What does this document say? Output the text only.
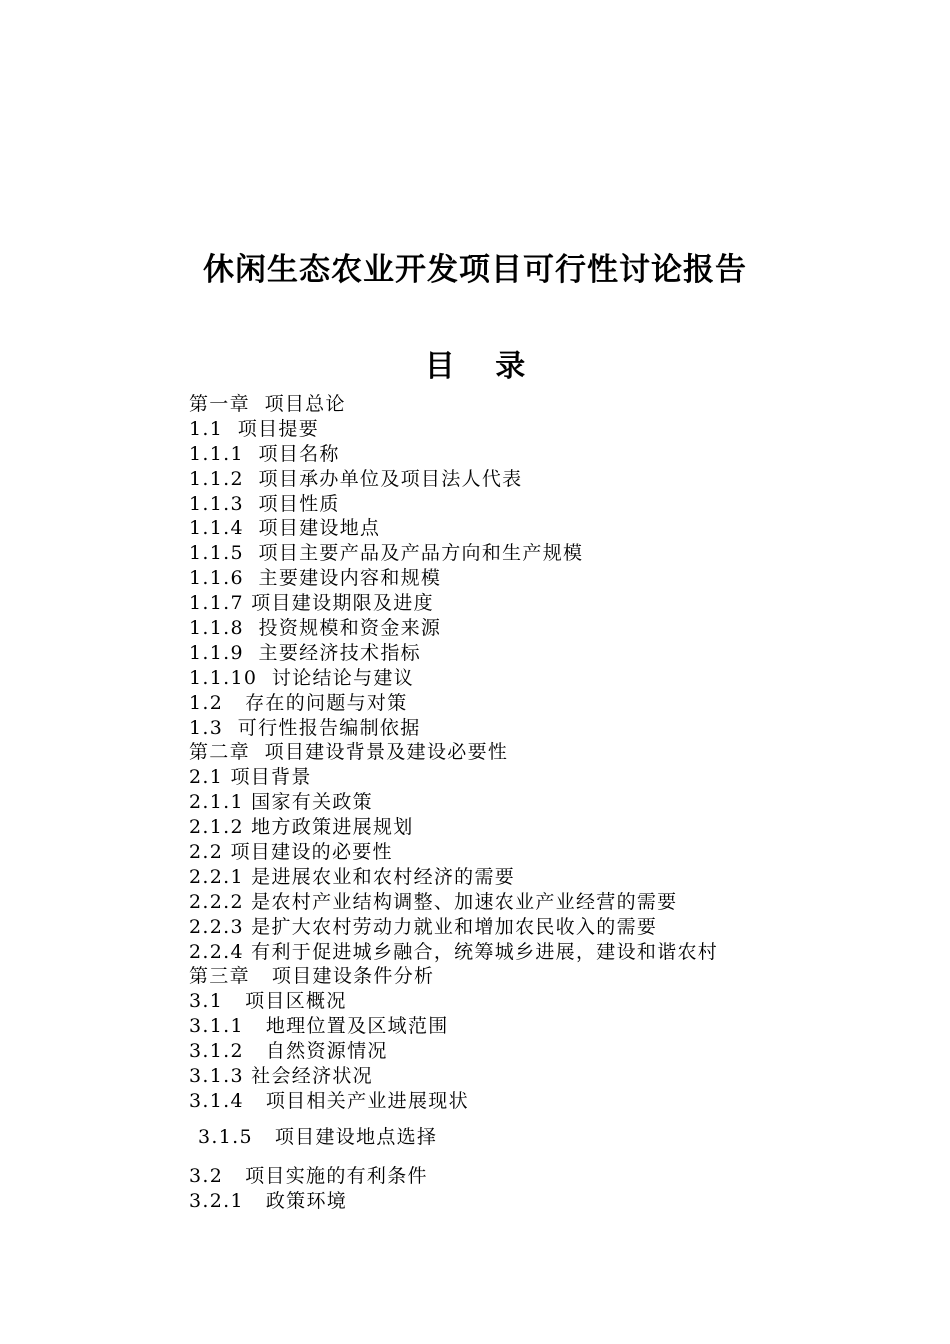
休闲生态农业开发项目可行性讨论报告
目 录
第一章  项目总论
1.1  项目提要
1.1.1  项目名称
1.1.2  项目承办单位及项目法人代表
1.1.3  项目性质
1.1.4  项目建设地点
1.1.5  项目主要产品及产品方向和生产规模
1.1.6  主要建设内容和规模
1.1.7 项目建设期限及进度
1.1.8  投资规模和资金来源
1.1.9  主要经济技术指标
1.1.10  讨论结论与建议
1.2   存在的问题与对策
1.3  可行性报告编制依据
第二章  项目建设背景及建设必要性
2.1 项目背景
2.1.1 国家有关政策
2.1.2 地方政策进展规划
2.2 项目建设的必要性
2.2.1 是进展农业和农村经济的需要
2.2.2 是农村产业结构调整、加速农业产业经营的需要
2.2.3 是扩大农村劳动力就业和增加农民收入的需要
2.2.4 有利于促进城乡融合，统筹城乡进展，建设和谐农村
第三章   项目建设条件分析
3.1   项目区概况
3.1.1   地理位置及区域范围
3.1.2   自然资源情况
3.1.3 社会经济状况
3.1.4   项目相关产业进展现状
3.1.5   项目建设地点选择
3.2   项目实施的有利条件
3.2.1   政策环境
